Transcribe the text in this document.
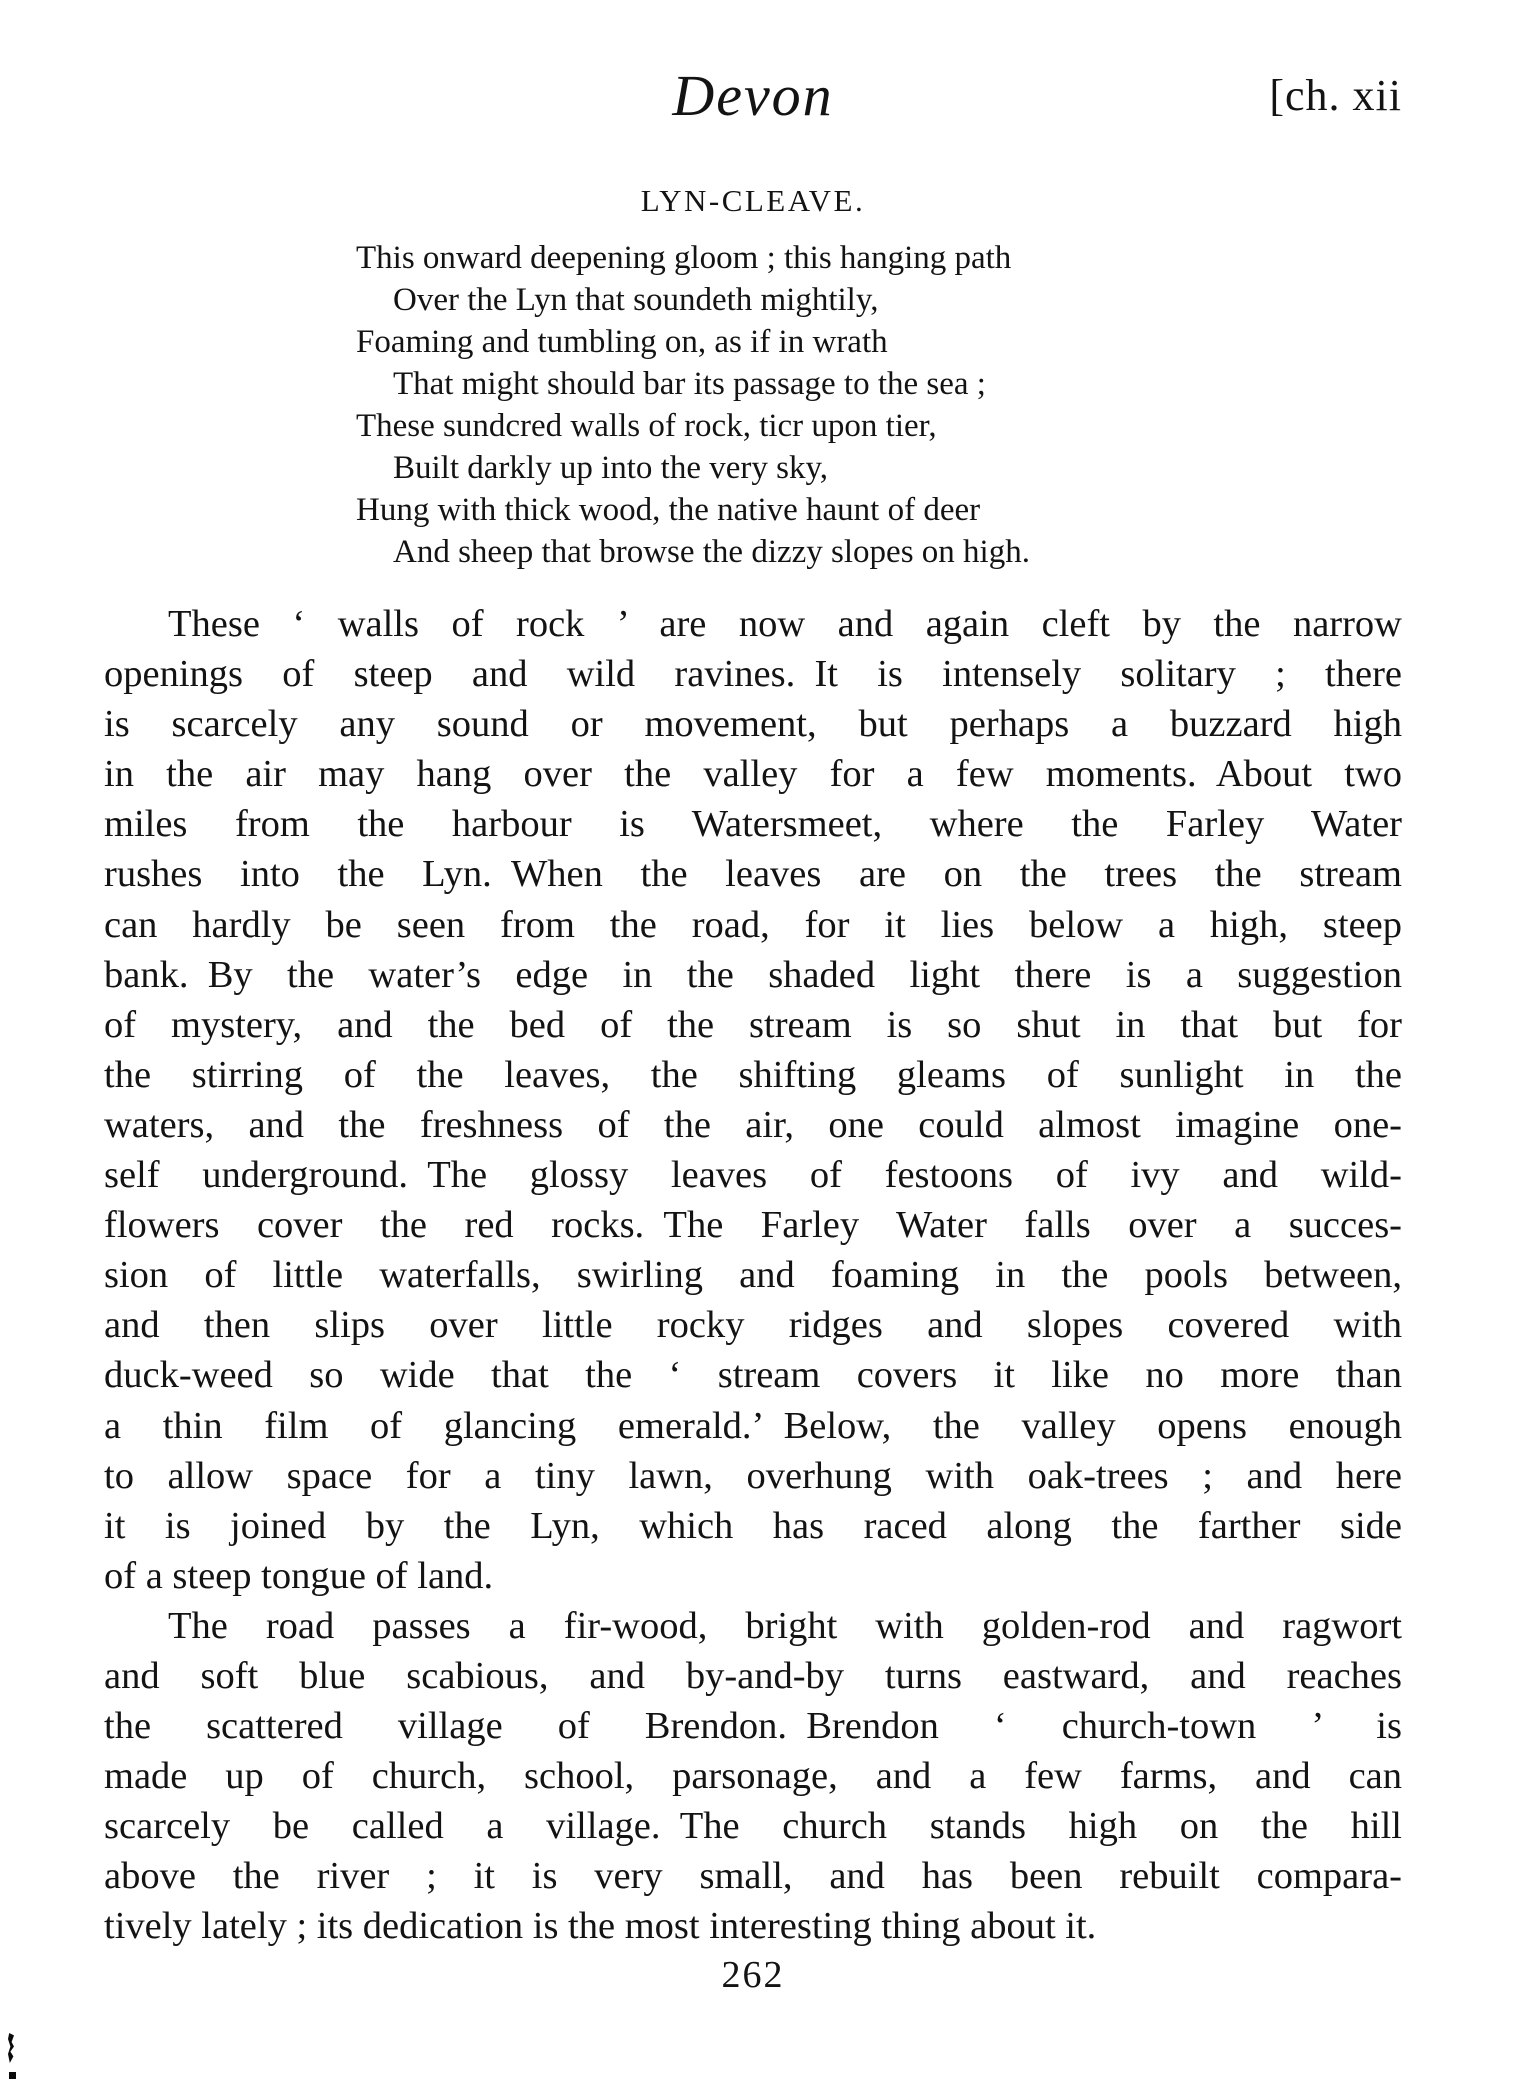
Devon	[ch. xii
LYN-CLEAVE.
This onward deepening gloom ; this hanging path
Over the Lyn that soundeth mightily,
Foaming and tumbling on, as if in wrath
That might should bar its passage to the sea ;
These sundcred walls of rock, ticr upon tier,
Built darkly up into the very sky,
Hung with thick wood, the native haunt of deer
And sheep that browse the dizzy slopes on high.
These ‘ walls of rock ’ are now and again cleft by the narrow
openings of steep and wild ravines. It is intensely solitary ; there
is scarcely any sound or movement, but perhaps a buzzard high
in the air may hang over the valley for a few moments. About two
miles from the harbour is Watersmeet, where the Farley Water
rushes into the Lyn. When the leaves are on the trees the stream
can hardly be seen from the road, for it lies below a high, steep
bank. By the water’s edge in the shaded light there is a suggestion
of mystery, and the bed of the stream is so shut in that but for
the stirring of the leaves, the shifting gleams of sunlight in the
waters, and the freshness of the air, one could almost imagine one-
self underground. The glossy leaves of festoons of ivy and wild-
flowers cover the red rocks. The Farley Water falls over a succes-
sion of little waterfalls, swirling and foaming in the pools between,
and then slips over little rocky ridges and slopes covered with
duck-weed so wide that the ‘ stream covers it like no more than
a thin film of glancing emerald.’ Below, the valley opens enough
to allow space for a tiny lawn, overhung with oak-trees ; and here
it is joined by the Lyn, which has raced along the farther side
of a steep tongue of land.
The road passes a fir-wood, bright with golden-rod and ragwort
and soft blue scabious, and by-and-by turns eastward, and reaches
the scattered village of Brendon. Brendon ‘ church-town ’ is
made up of church, school, parsonage, and a few farms, and can
scarcely be called a village. The church stands high on the hill
above the river ; it is very small, and has been rebuilt compara-
tively lately ; its dedication is the most interesting thing about it.
262
